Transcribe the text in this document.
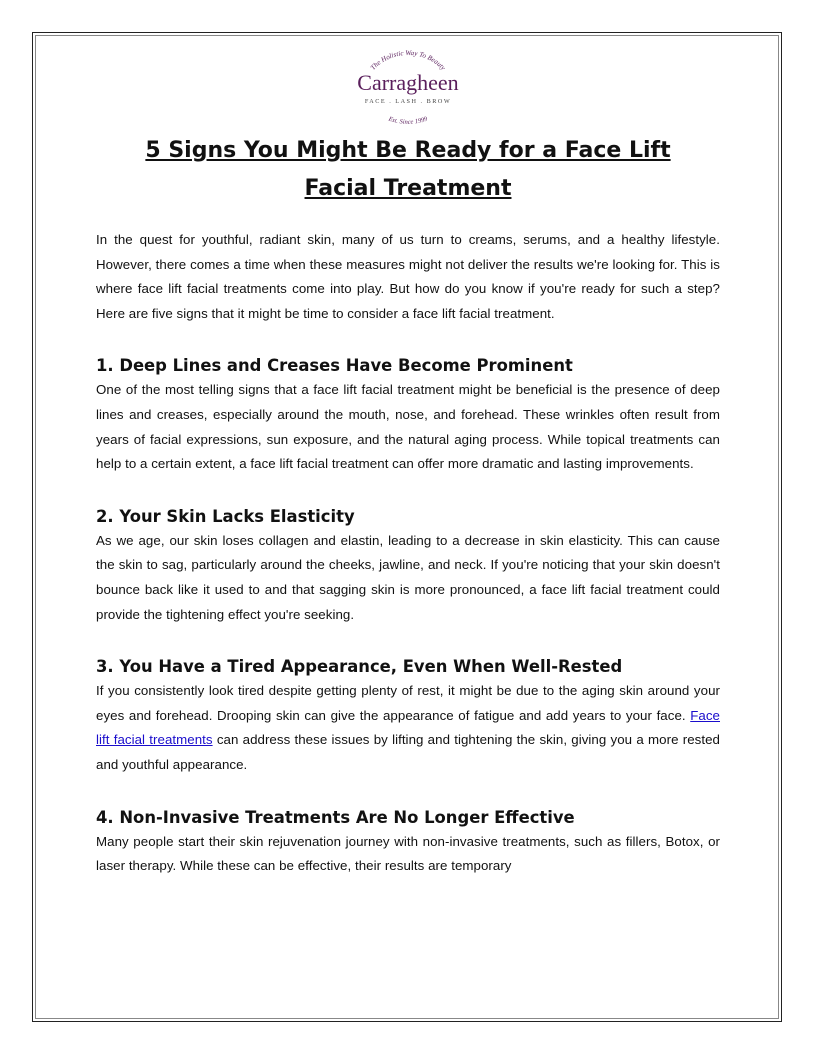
The Holistic Way To Beauty
Carragheen
FACE . LASH . BROW
Est. Since 1999
5 Signs You Might Be Ready for a Face Lift Facial Treatment

In the quest for youthful, radiant skin, many of us turn to creams, serums, and a healthy lifestyle. However, there comes a time when these measures might not deliver the results we're looking for. This is where face lift facial treatments come into play. But how do you know if you're ready for such a step? Here are five signs that it might be time to consider a face lift facial treatment.

1. Deep Lines and Creases Have Become Prominent

One of the most telling signs that a face lift facial treatment might be beneficial is the presence of deep lines and creases, especially around the mouth, nose, and forehead. These wrinkles often result from years of facial expressions, sun exposure, and the natural aging process. While topical treatments can help to a certain extent, a face lift facial treatment can offer more dramatic and lasting improvements.

2. Your Skin Lacks Elasticity

As we age, our skin loses collagen and elastin, leading to a decrease in skin elasticity. This can cause the skin to sag, particularly around the cheeks, jawline, and neck. If you're noticing that your skin doesn't bounce back like it used to and that sagging skin is more pronounced, a face lift facial treatment could provide the tightening effect you're seeking.

3. You Have a Tired Appearance, Even When Well-Rested

If you consistently look tired despite getting plenty of rest, it might be due to the aging skin around your eyes and forehead. Drooping skin can give the appearance of fatigue and add years to your face. Face lift facial treatments can address these issues by lifting and tightening the skin, giving you a more rested and youthful appearance.

4. Non-Invasive Treatments Are No Longer Effective

Many people start their skin rejuvenation journey with non-invasive treatments, such as fillers, Botox, or laser therapy. While these can be effective, their results are temporary
